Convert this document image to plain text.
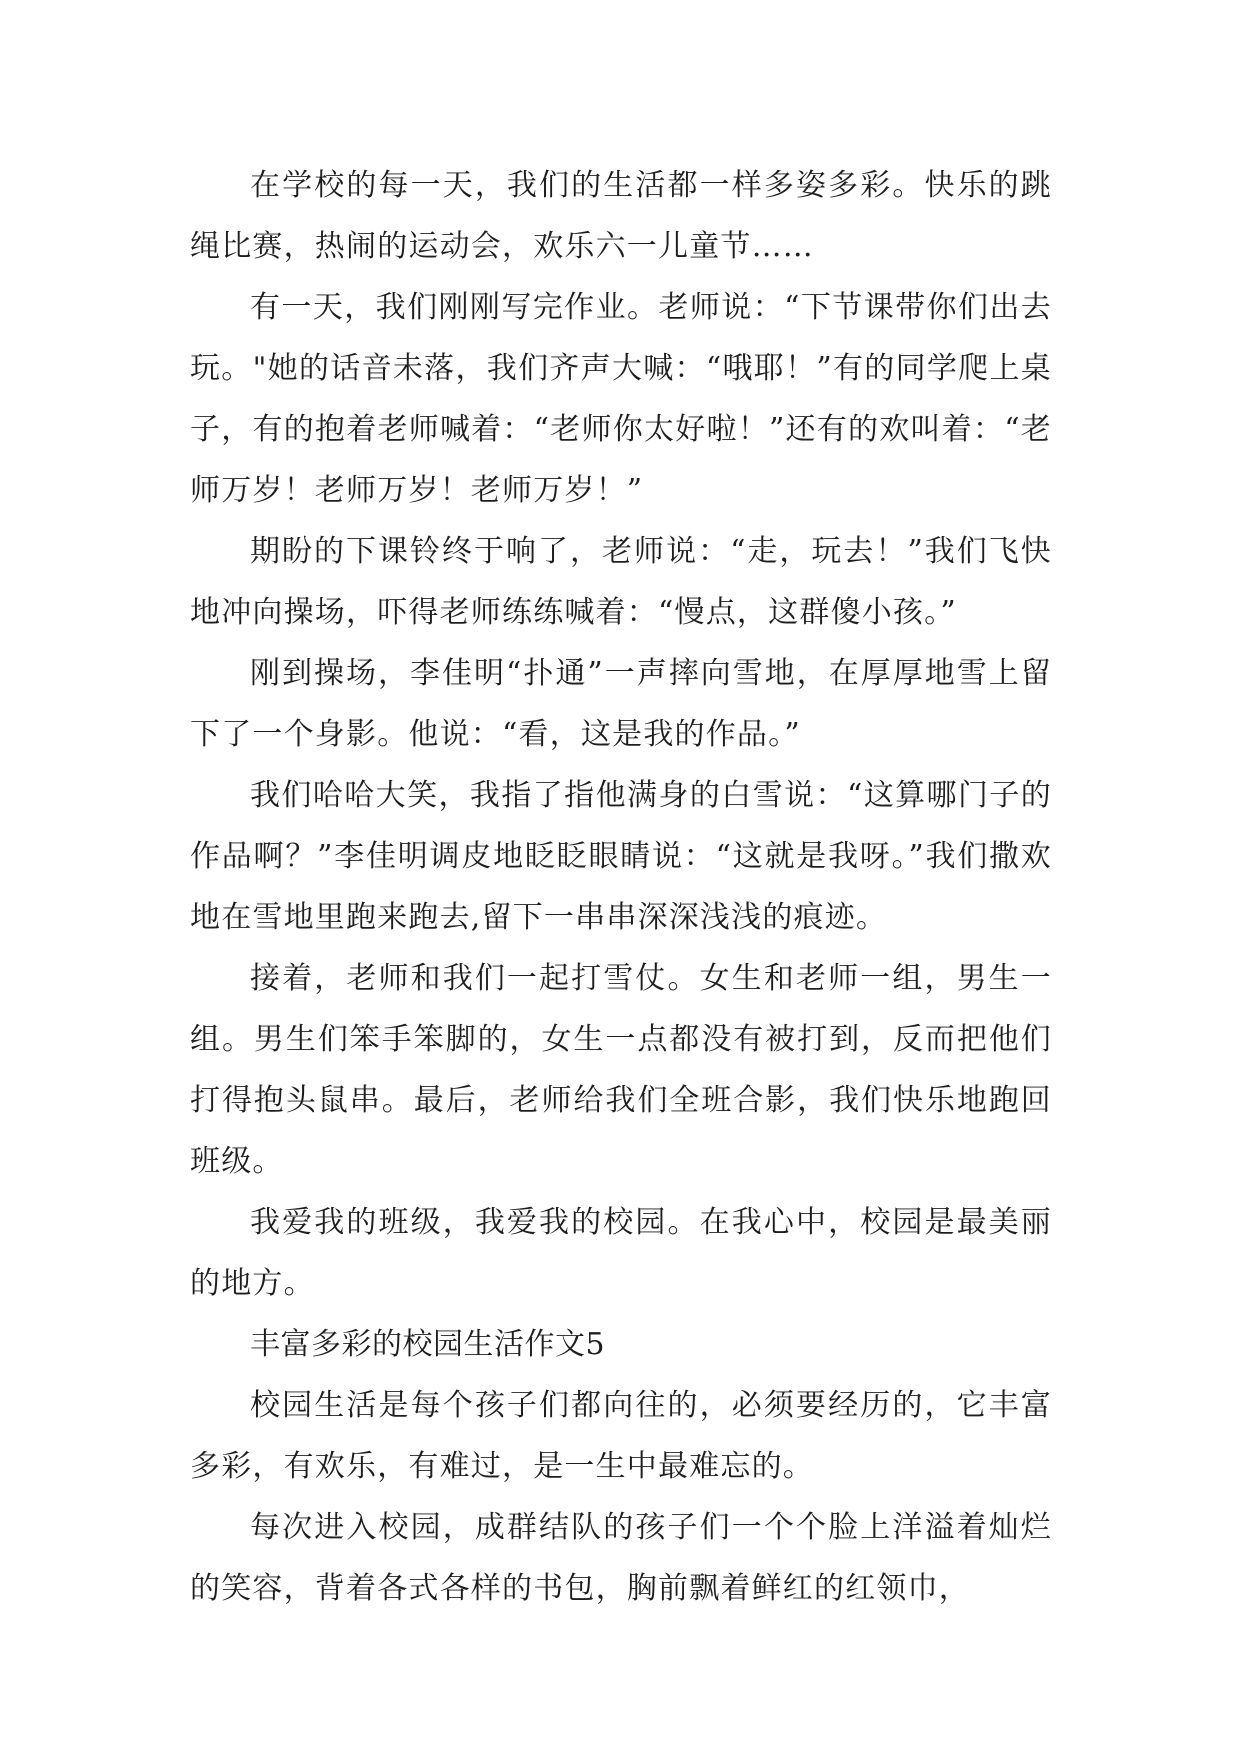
在学校的每一天，我们的生活都一样多姿多彩。快乐的跳绳比赛，热闹的运动会，欢乐六一儿童节……

有一天，我们刚刚写完作业。老师说：“下节课带你们出去玩。"她的话音未落，我们齐声大喊：“哦耶！”有的同学爬上桌子，有的抱着老师喊着：“老师你太好啦！”还有的欢叫着：“老师万岁！老师万岁！老师万岁！”

期盼的下课铃终于响了，老师说：“走，玩去！”我们飞快地冲向操场，吓得老师练练喊着：“慢点，这群傻小孩。”

刚到操场，李佳明“扑通”一声摔向雪地，在厚厚地雪上留下了一个身影。他说：“看，这是我的作品。”

我们哈哈大笑，我指了指他满身的白雪说：“这算哪门子的作品啊？”李佳明调皮地眨眨眼睛说：“这就是我呀。”我们撒欢地在雪地里跑来跑去,留下一串串深深浅浅的痕迹。

接着，老师和我们一起打雪仗。女生和老师一组，男生一组。男生们笨手笨脚的，女生一点都没有被打到，反而把他们打得抱头鼠串。最后，老师给我们全班合影，我们快乐地跑回班级。

我爱我的班级，我爱我的校园。在我心中，校园是最美丽的地方。

丰富多彩的校园生活作文5

校园生活是每个孩子们都向往的，必须要经历的，它丰富多彩，有欢乐，有难过，是一生中最难忘的。

每次进入校园，成群结队的孩子们一个个脸上洋溢着灿烂的笑容，背着各式各样的书包，胸前飘着鲜红的红领巾，
